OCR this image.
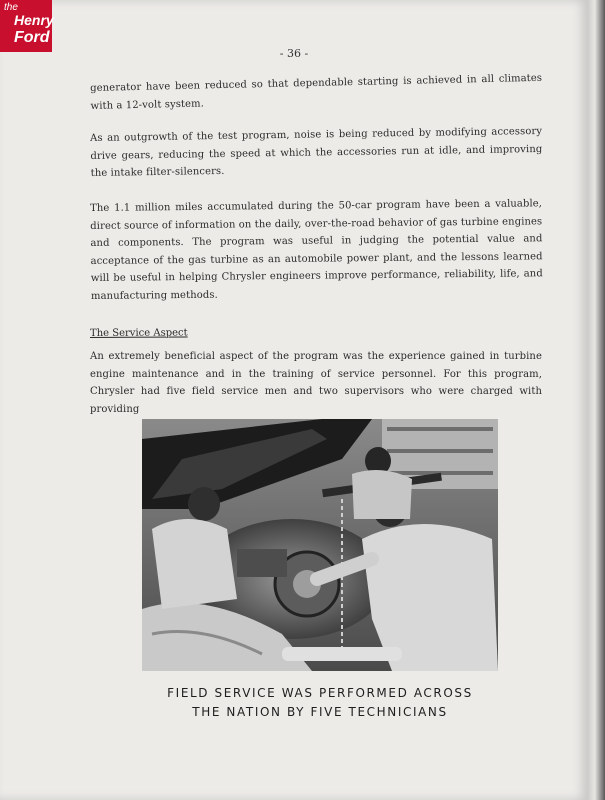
the
Henry
Ford
- 36 -
generator have been reduced so that dependable starting is achieved in all climates with a 12-volt system.
As an outgrowth of the test program, noise is being reduced by modifying accessory drive gears, reducing the speed at which the accessories run at idle, and improving the intake filter-silencers.
The 1.1 million miles accumulated during the 50-car program have been a valuable, direct source of information on the daily, over-the-road behavior of gas turbine engines and components. The program was useful in judging the potential value and acceptance of the gas turbine as an automobile power plant, and the lessons learned will be useful in helping Chrysler engineers improve performance, reliability, life, and manufacturing methods.
The Service Aspect
An extremely beneficial aspect of the program was the experience gained in turbine engine maintenance and in the training of service personnel. For this program, Chrysler had five field service men and two supervisors who were charged with providing
FIELD SERVICE WAS PERFORMED ACROSS
THE NATION BY FIVE TECHNICIANS
